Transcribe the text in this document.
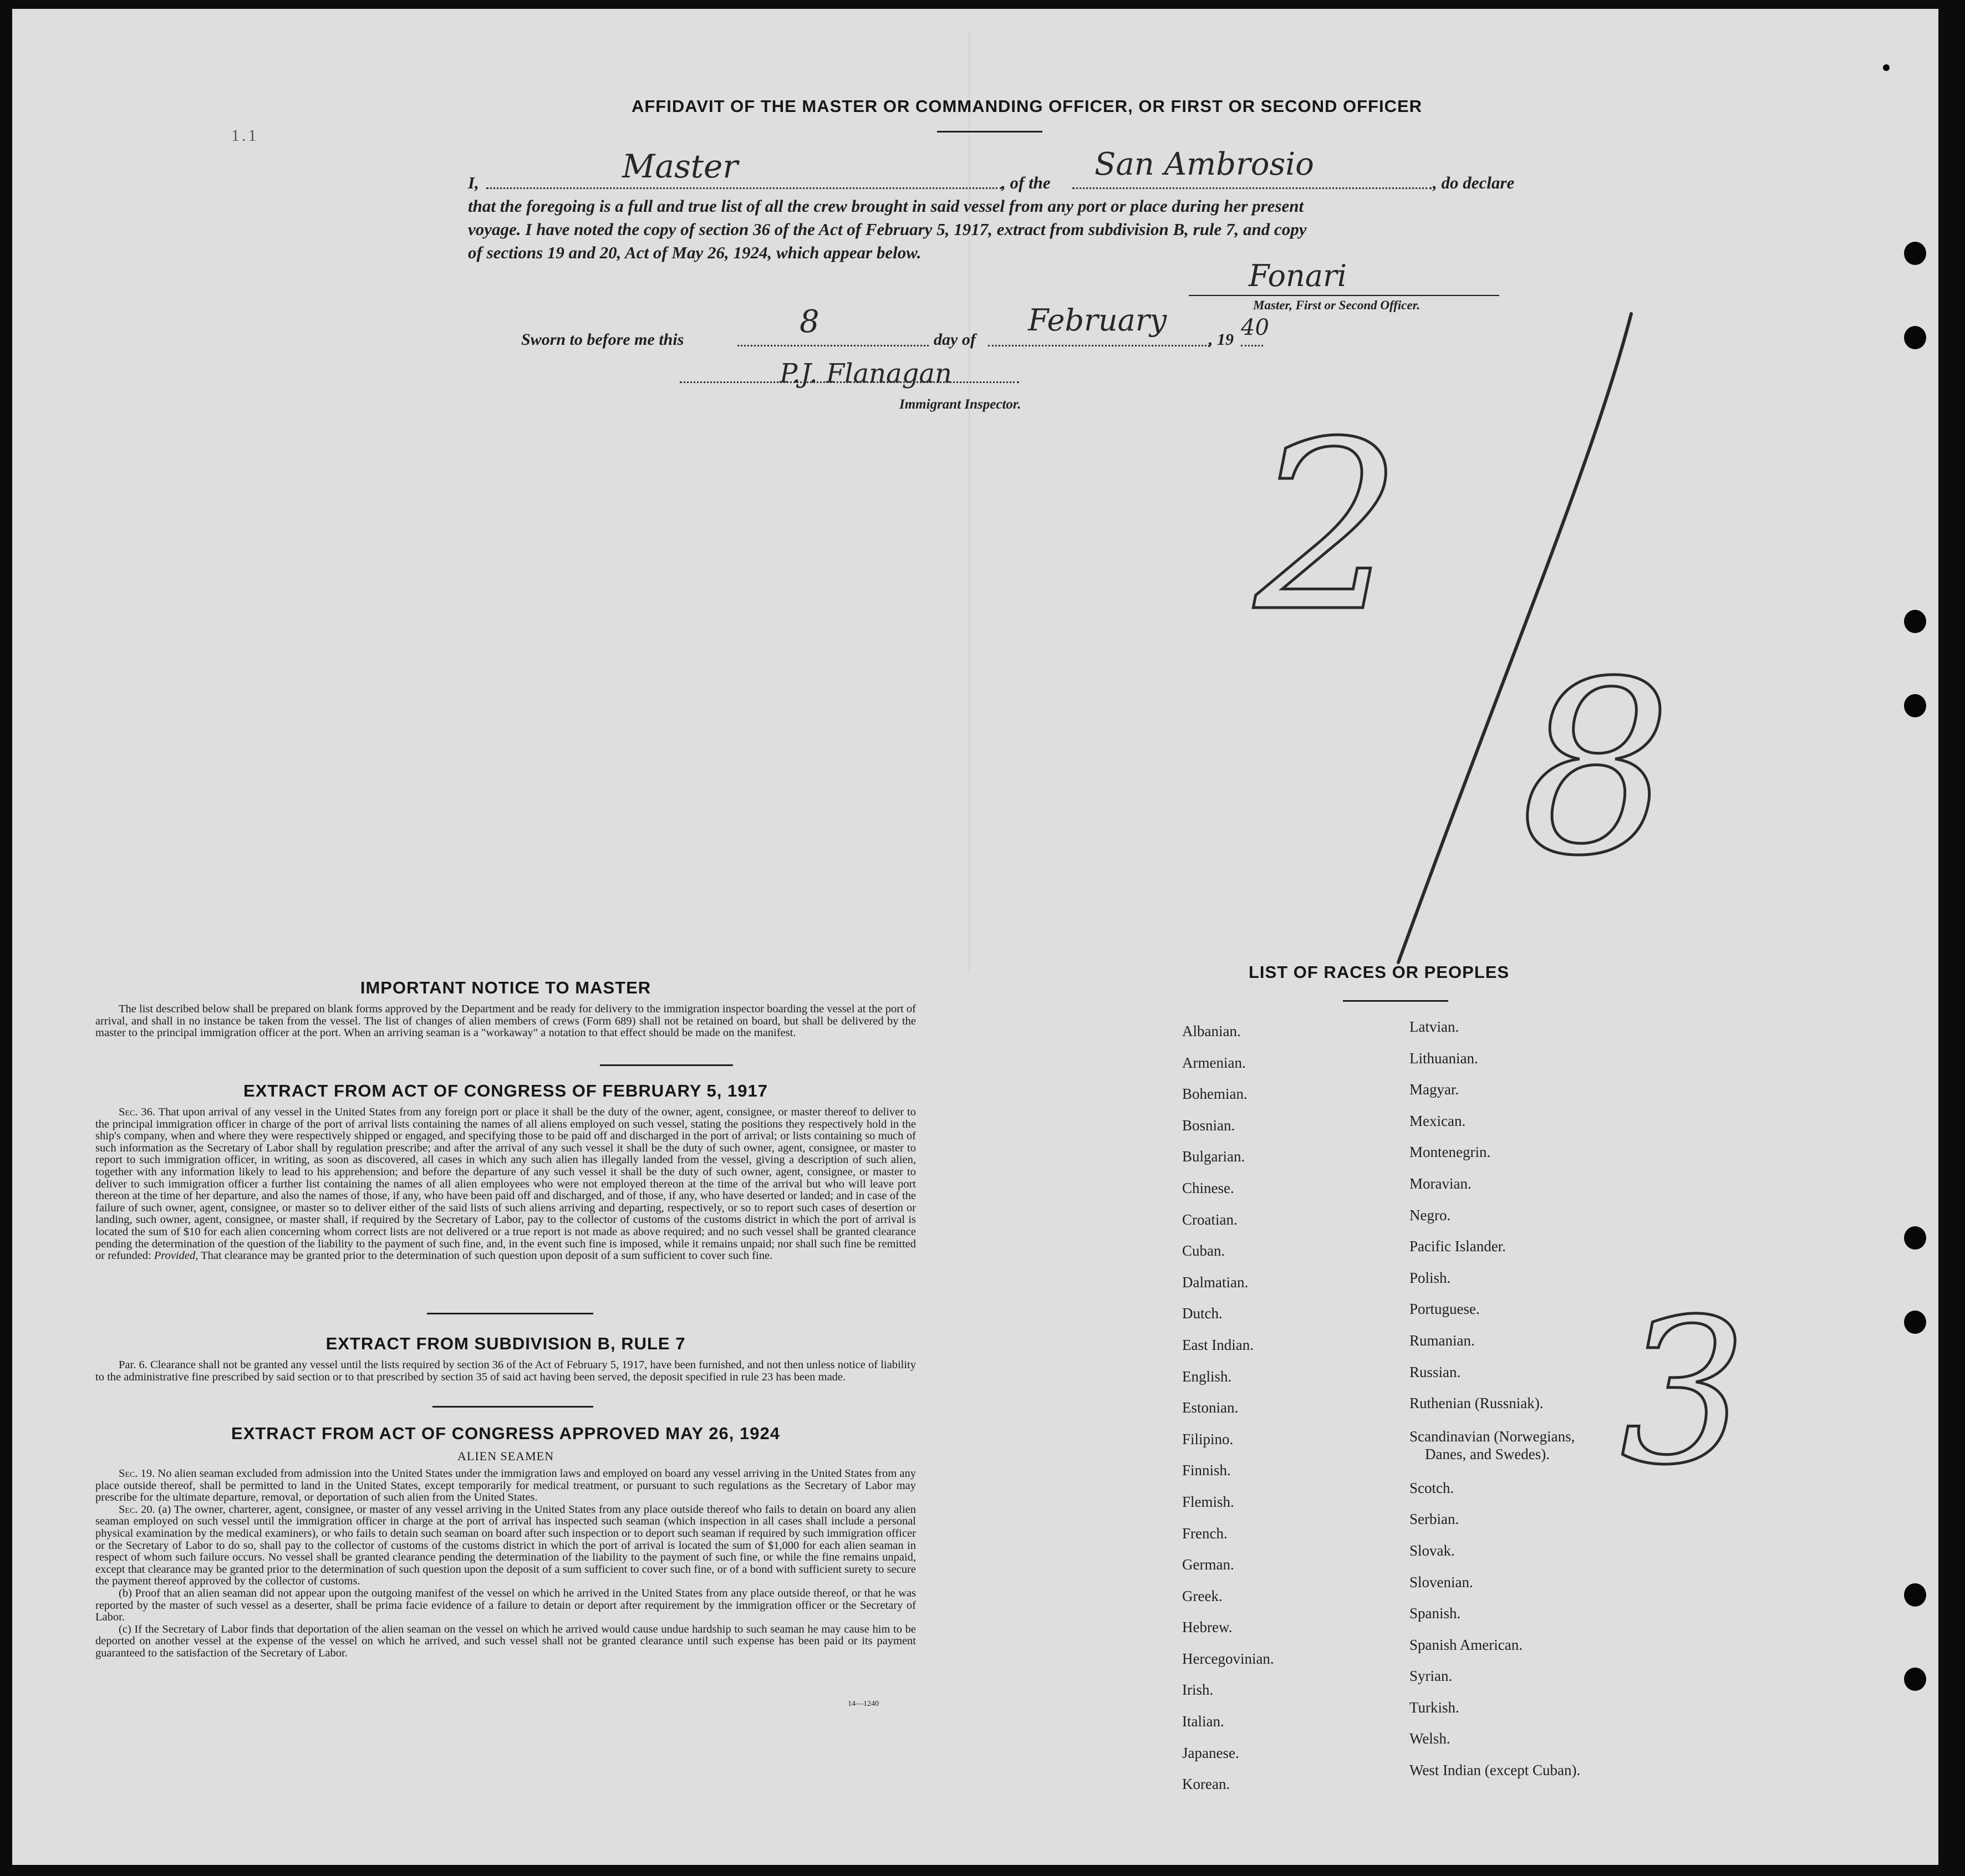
1.1
AFFIDAVIT OF THE MASTER OR COMMANDING OFFICER, OR FIRST OR SECOND OFFICER
I,	Master	, of the
San Ambrosio
, do declare
that the foregoing is a full and true list of all the crew brought in said vessel from any port or place during her present
voyage. I have noted the copy of section 36 of the Act of February 5, 1917, extract from subdivision B, rule 7, and copy
of sections 19 and 20, Act of May 26, 1924, which appear below.
Fonari
Master, First or Second Officer.
Sworn to before me this	8	day of
February
, 19 40
P.J. Flanagan
Immigrant Inspector. 2
8
3
IMPORTANT NOTICE TO MASTER

The list described below shall be prepared on blank forms approved by the Department and be ready for delivery to the immigration inspector boarding the vessel at the port of arrival, and shall in no instance be taken from the vessel. The list of changes of alien members of crews (Form 689) shall not be retained on board, but shall be delivered by the master to the principal immigration officer at the port. When an arriving seaman is a "workaway" a notation to that effect should be made on the manifest.

EXTRACT FROM ACT OF CONGRESS OF FEBRUARY 5, 1917

Sec. 36. That upon arrival of any vessel in the United States from any foreign port or place it shall be the duty of the owner, agent, consignee, or master thereof to deliver to the principal immigration officer in charge of the port of arrival lists containing the names of all aliens employed on such vessel, stating the positions they respectively hold in the ship's company, when and where they were respectively shipped or engaged, and specifying those to be paid off and discharged in the port of arrival; or lists containing so much of such information as the Secretary of Labor shall by regulation prescribe; and after the arrival of any such vessel it shall be the duty of such owner, agent, consignee, or master to report to such immigration officer, in writing, as soon as discovered, all cases in which any such alien has illegally landed from the vessel, giving a description of such alien, together with any information likely to lead to his apprehension; and before the departure of any such vessel it shall be the duty of such owner, agent, consignee, or master to deliver to such immigration officer a further list containing the names of all alien employees who were not employed thereon at the time of the arrival but who will leave port thereon at the time of her departure, and also the names of those, if any, who have been paid off and discharged, and of those, if any, who have deserted or landed; and in case of the failure of such owner, agent, consignee, or master so to deliver either of the said lists of such aliens arriving and departing, respectively, or so to report such cases of desertion or landing, such owner, agent, consignee, or master shall, if required by the Secretary of Labor, pay to the collector of customs of the customs district in which the port of arrival is located the sum of $10 for each alien concerning whom correct lists are not delivered or a true report is not made as above required; and no such vessel shall be granted clearance pending the determination of the question of the liability to the payment of such fine, and, in the event such fine is imposed, while it remains unpaid; nor shall such fine be remitted or refunded: Provided, That clearance may be granted prior to the determination of such question upon deposit of a sum sufficient to cover such fine.

EXTRACT FROM SUBDIVISION B, RULE 7

Par. 6. Clearance shall not be granted any vessel until the lists required by section 36 of the Act of February 5, 1917, have been furnished, and not then unless notice of liability to the administrative fine prescribed by said section or to that prescribed by section 35 of said act having been served, the deposit specified in rule 23 has been made.

EXTRACT FROM ACT OF CONGRESS APPROVED MAY 26, 1924
ALIEN SEAMEN

Sec. 19. No alien seaman excluded from admission into the United States under the immigration laws and employed on board any vessel arriving in the United States from any place outside thereof, shall be permitted to land in the United States, except temporarily for medical treatment, or pursuant to such regulations as the Secretary of Labor may prescribe for the ultimate departure, removal, or deportation of such alien from the United States.

Sec. 20. (a) The owner, charterer, agent, consignee, or master of any vessel arriving in the United States from any place outside thereof who fails to detain on board any alien seaman employed on such vessel until the immigration officer in charge at the port of arrival has inspected such seaman (which inspection in all cases shall include a personal physical examination by the medical examiners), or who fails to detain such seaman on board after such inspection or to deport such seaman if required by such immigration officer or the Secretary of Labor to do so, shall pay to the collector of customs of the customs district in which the port of arrival is located the sum of $1,000 for each alien seaman in respect of whom such failure occurs. No vessel shall be granted clearance pending the determination of the liability to the payment of such fine, or while the fine remains unpaid, except that clearance may be granted prior to the determination of such question upon the deposit of a sum sufficient to cover such fine, or of a bond with sufficient surety to secure the payment thereof approved by the collector of customs.

(b) Proof that an alien seaman did not appear upon the outgoing manifest of the vessel on which he arrived in the United States from any place outside thereof, or that he was reported by the master of such vessel as a deserter, shall be prima facie evidence of a failure to detain or deport after requirement by the immigration officer or the Secretary of Labor.

(c) If the Secretary of Labor finds that deportation of the alien seaman on the vessel on which he arrived would cause undue hardship to such seaman he may cause him to be deported on another vessel at the expense of the vessel on which he arrived, and such vessel shall not be granted clearance until such expense has been paid or its payment guaranteed to the satisfaction of the Secretary of Labor.

14—1240
LIST OF RACES OR PEOPLES
Albanian.
Armenian.
Bohemian.
Bosnian.
Bulgarian.
Chinese.
Croatian.
Cuban.
Dalmatian.
Dutch.
East Indian.
English.
Estonian.
Filipino.
Finnish.
Flemish.
French.
German.
Greek.
Hebrew.
Hercegovinian.
Irish.
Italian.
Japanese.
Korean.
Latvian.
Lithuanian.
Magyar.
Mexican.
Montenegrin.
Moravian.
Negro.
Pacific Islander.
Polish.
Portuguese.
Rumanian.
Russian.
Ruthenian (Russniak).
Scandinavian (Norwegians,
Danes, and Swedes).
Scotch.
Serbian.
Slovak.
Slovenian.
Spanish.
Spanish American.
Syrian.
Turkish.
Welsh.
West Indian (except Cuban).
